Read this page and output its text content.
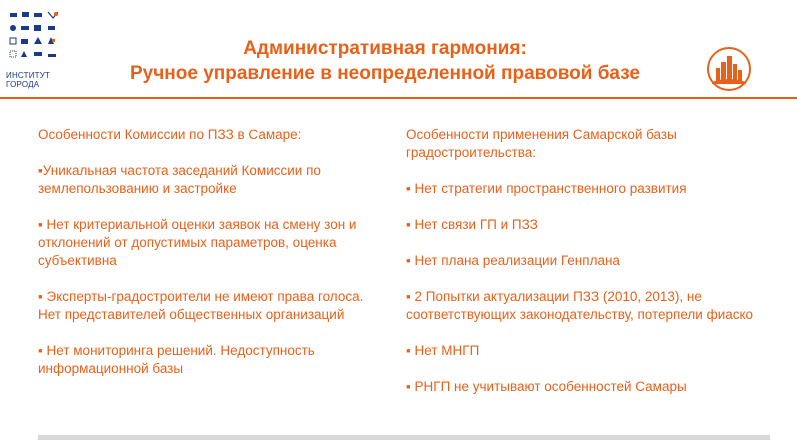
ИНСТИТУТ
ГОРОДА
Административная гармония:
Ручное управление в неопределенной правовой базе
Особенности Комиссии по ПЗЗ в Самаре:
▪Уникальная частота заседаний Комиссии по землепользованию и застройке
▪ Нет критериальной оценки заявок на смену зон и отклонений от допустимых параметров, оценка субъективна
▪ Эксперты-градостроители не имеют права голоса. Нет представителей общественных организаций
▪ Нет мониторинга решений. Недоступность информационной базы
Особенности применения Самарской базы градостроительства:
▪ Нет стратегии пространственного развития
▪ Нет связи ГП и ПЗЗ
▪ Нет плана реализации Генплана
▪ 2 Попытки актуализации ПЗЗ (2010, 2013), не соответствующих законодательству, потерпели фиаско
▪ Нет МНГП
▪ РНГП не учитывают особенностей Самары
